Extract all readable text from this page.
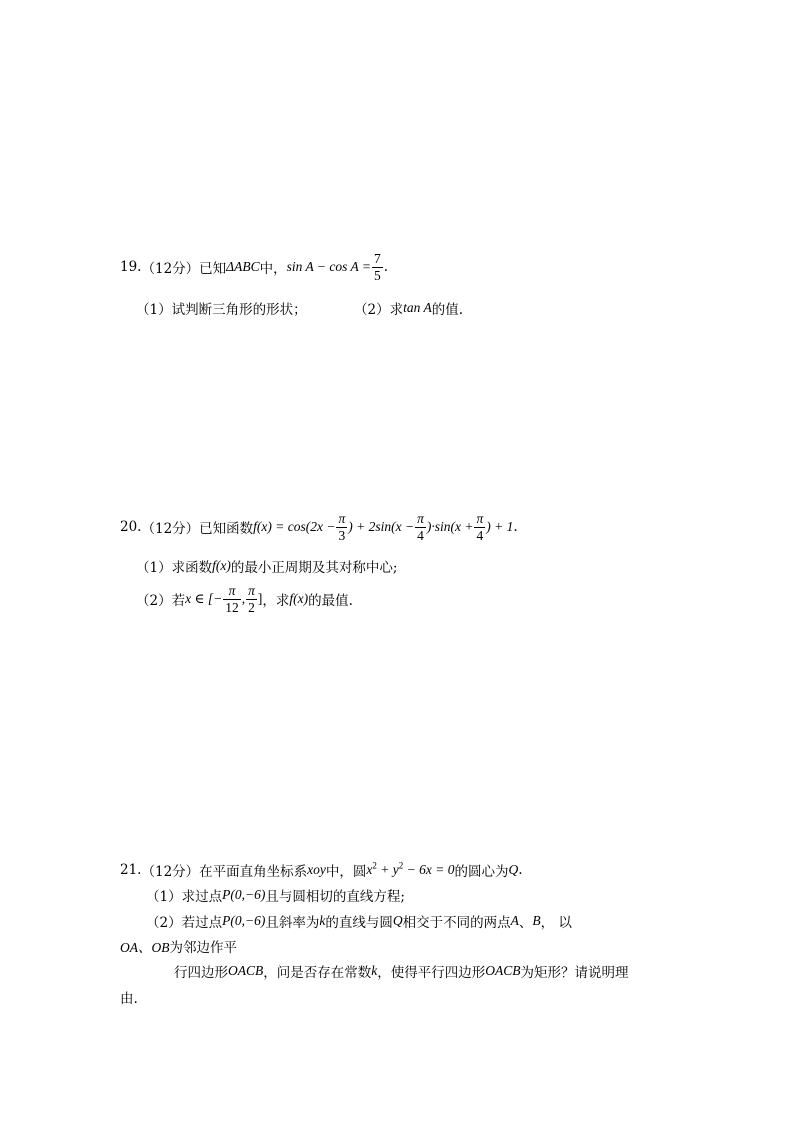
19. （12分） 已知 ΔABC 中， $\sin A - \cos A = \frac{7}{5}$ .
（1）试判断三角形的形状；	（2）求 tan A 的值.
20. （12分） 已知函数 $f(x) = \cos(2x - \frac{\pi}{3}$ ) + $2\sin(x - \frac{\pi}{4} )\cdot\sin(x + \frac{\pi}{4}$ ) + 1 .
（1）求函数 f(x) 的最小正周期及其对称中心;
（2）若 x ∈ [− $\frac{\pi}{12}$ , $\frac{\pi}{2}$ ] ，求 f(x) 的最值.
21. （12分） 在平面直角坐标系 xoy 中，圆 $x^2 + y^2 - 6x = 0$ 的圆心为 Q .
（1）求过点 P(0,−6) 且与圆相切的直线方程;
（2）若过点 P(0,−6) 且斜率为 k 的直线与圆 Q 相交于不同的两点 A 、 B ， 以
OA、OB 为邻边作平
行四边形 OACB ，问是否存在常数 k ，使得平行四边形 OACB 为矩形？请说明理
由.
